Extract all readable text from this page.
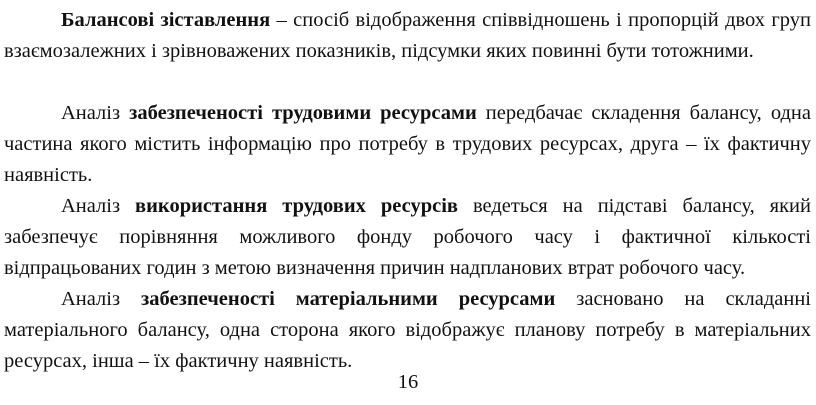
Балансові зіставлення – спосіб відображення співвідношень і пропорцій двох груп взаємозалежних і зрівноважених показників, підсумки яких повинні бути тотожними.

Аналіз забезпеченості трудовими ресурсами передбачає складення балансу, одна частина якого містить інформацію про потребу в трудових ресурсах, друга – їх фактичну наявність.

Аналіз використання трудових ресурсів ведеться на підставі балансу, який забезпечує порівняння можливого фонду робочого часу і фактичної кількості відпрацьованих годин з метою визначення причин надпланових втрат робочого часу.

Аналіз забезпеченості матеріальними ресурсами засновано на складанні матеріального балансу, одна сторона якого відображує планову потребу в матеріальних ресурсах, інша – їх фактичну наявність.

16
